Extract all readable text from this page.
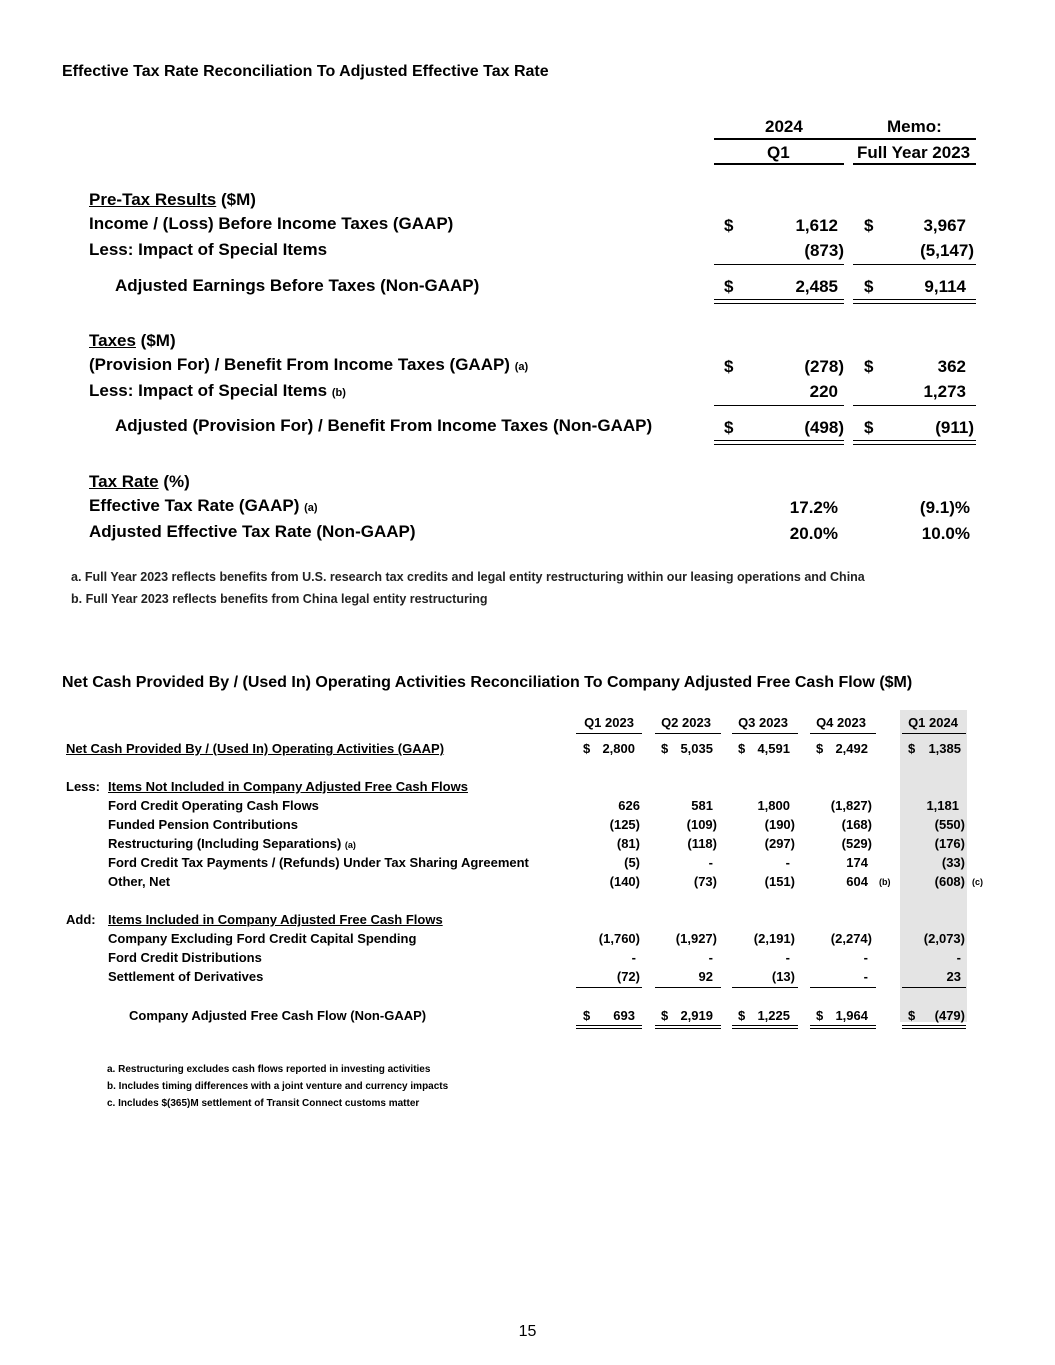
Effective Tax Rate Reconciliation To Adjusted Effective Tax Rate
2024	Memo:
Q1	Full Year 2023
Pre-Tax Results ($M)
Income / (Loss) Before Income Taxes (GAAP)	$	1,612 $	3,967
Less: Impact of Special Items	(873)	(5,147)
Adjusted Earnings Before Taxes (Non-GAAP)	$	2,485 $	9,114
Taxes ($M)
(Provision For) / Benefit From Income Taxes (GAAP) (a)	$	(278) $	362
Less: Impact of Special Items (b)	220	1,273
Adjusted (Provision For) / Benefit From Income Taxes (Non-GAAP)	$	(498) $	(911)
Tax Rate (%)
Effective Tax Rate (GAAP) (a)	17.2%	(9.1)%
Adjusted Effective Tax Rate (Non-GAAP)	20.0%	10.0%
a. Full Year 2023 reflects benefits from U.S. research tax credits and legal entity restructuring within our leasing operations and China
b. Full Year 2023 reflects benefits from China legal entity restructuring
Net Cash Provided By / (Used In) Operating Activities Reconciliation To Company Adjusted Free Cash Flow ($M)
Q1 2023	Q2 2023	Q3 2023	Q4 2023	Q1 2024
Net Cash Provided By / (Used In) Operating Activities (GAAP)	$ 2,800 $ 5,035 $ 4,591 $ 2,492	$	1,385
Less: Items Not Included in Company Adjusted Free Cash Flows
Ford Credit Operating Cash Flows	626	581	1,800	(1,827)	1,181
Funded Pension Contributions	(125)	(109)	(190)	(168)	(550)
Restructuring (Including Separations) (a)	(81)	(118)	(297)	(529)	(176)
Ford Credit Tax Payments / (Refunds) Under Tax Sharing Agreement	(5)	-	-	174	(33)
Other, Net	(140)	(73)	(151)	604 (b)	(608) (c)
Add: Items Included in Company Adjusted Free Cash Flows
Company Excluding Ford Credit Capital Spending	(1,760)	(1,927)	(2,191)	(2,274)	(2,073)
Ford Credit Distributions	-	-	-	-	-
Settlement of Derivatives	(72)	92	(13)	-	23
Company Adjusted Free Cash Flow (Non-GAAP)	$	693 $ 2,919 $ 1,225 $ 1,964	$	(479)
a. Restructuring excludes cash flows reported in investing activities
b. Includes timing differences with a joint venture and currency impacts
c. Includes $(365)M settlement of Transit Connect customs matter
15
